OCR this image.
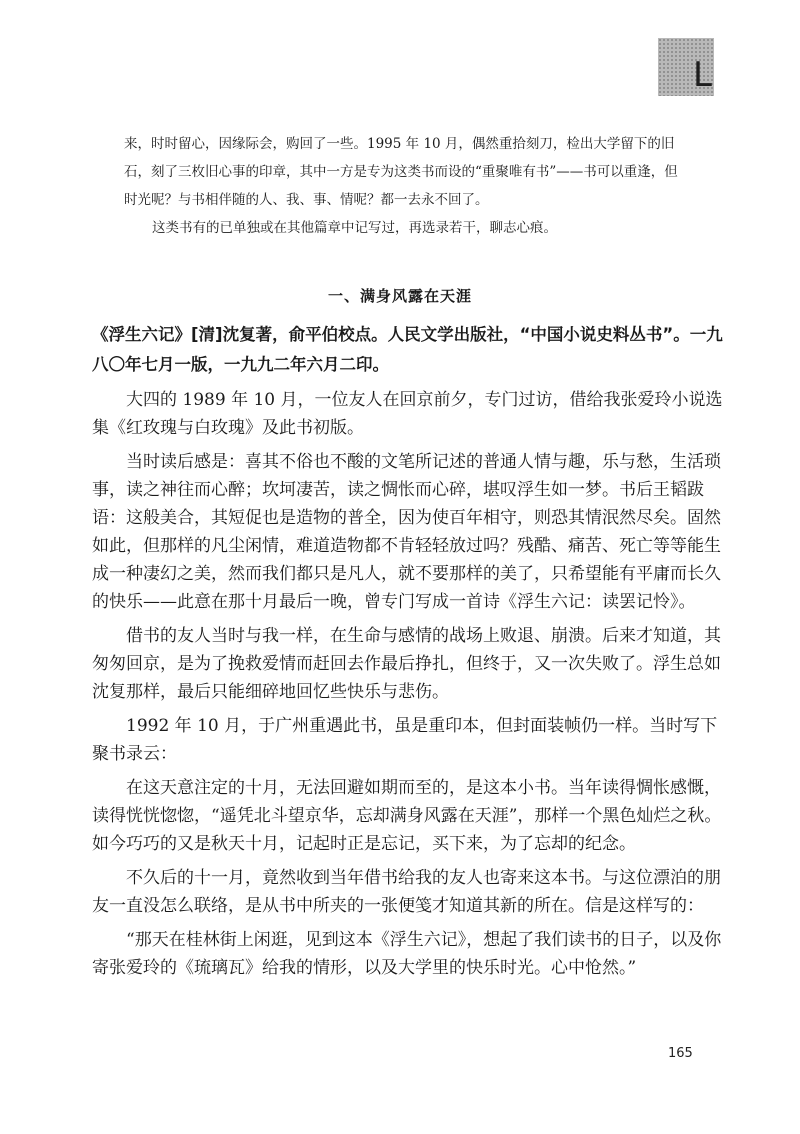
L

来，时时留心，因缘际会，购回了一些。1995 年 10 月，偶然重拾刻刀，检出大学留下的旧石，刻了三枚旧心事的印章，其中一方是专为这类书而设的“重聚唯有书”——书可以重逢，但时光呢？与书相伴随的人、我、事、情呢？都一去永不回了。

这类书有的已单独或在其他篇章中记写过，再选录若干，聊志心痕。

一、满身风露在天涯

《浮生六记》[清]沈复著，俞平伯校点。人民文学出版社，“中国小说史料丛书”。一九八〇年七月一版，一九九二年六月二印。

大四的 1989 年 10 月，一位友人在回京前夕，专门过访，借给我张爱玲小说选集《红玫瑰与白玫瑰》及此书初版。

当时读后感是：喜其不俗也不酸的文笔所记述的普通人情与趣，乐与愁，生活琐事，读之神往而心醉；坎坷凄苦，读之惆怅而心碎，堪叹浮生如一梦。书后王韬跋语：这般美合，其短促也是造物的普全，因为使百年相守，则恐其情泯然尽矣。固然如此，但那样的凡尘闲情，难道造物都不肯轻轻放过吗？残酷、痛苦、死亡等等能生成一种凄幻之美，然而我们都只是凡人，就不要那样的美了，只希望能有平庸而长久的快乐——此意在那十月最后一晚，曾专门写成一首诗《浮生六记：读罢记怜》。

借书的友人当时与我一样，在生命与感情的战场上败退、崩溃。后来才知道，其匆匆回京，是为了挽救爱情而赶回去作最后挣扎，但终于，又一次失败了。浮生总如沈复那样，最后只能细碎地回忆些快乐与悲伤。

1992 年 10 月，于广州重遇此书，虽是重印本，但封面装帧仍一样。当时写下聚书录云：

在这天意注定的十月，无法回避如期而至的，是这本小书。当年读得惆怅感慨，读得恍恍惚惚，“遥凭北斗望京华，忘却满身风露在天涯”，那样一个黑色灿烂之秋。如今巧巧的又是秋天十月，记起时正是忘记，买下来，为了忘却的纪念。

不久后的十一月，竟然收到当年借书给我的友人也寄来这本书。与这位漂泊的朋友一直没怎么联络，是从书中所夹的一张便笺才知道其新的所在。信是这样写的：

“那天在桂林街上闲逛，见到这本《浮生六记》，想起了我们读书的日子，以及你寄张爱玲的《琉璃瓦》给我的情形，以及大学里的快乐时光。心中怆然。”

165
